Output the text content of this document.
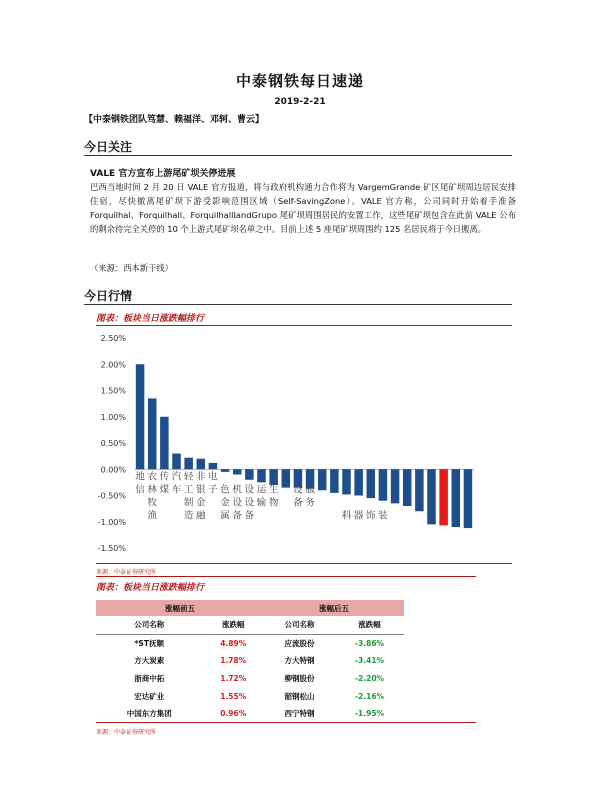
中泰钢铁每日速递
2019-2-21
【中泰钢铁团队笃慧、赖福洋、邓轲、曹云】
今日关注
VALE 官方宣布上游尾矿坝关停进展
巴西当地时间 2 月 20 日 VALE 官方报道，将与政府机构通力合作将为 VargemGrande 矿区尾矿坝周边居民安排住宿，尽快撤离尾矿坝下游受影响范围区域（Self-SavingZone）。VALE 官方称，公司同时开始着手准备 Forquilhal、Forquilhall、ForquilhallIandGrupo 尾矿坝周围居民的安置工作，这些尾矿坝包含在此前 VALE 公布的剩余待完全关停的 10 个上游式尾矿坝名单之中。目前上述 5 座尾矿坝周围约 125 名居民将于今日搬离。
（来源：西本新干线）
今日行情
图表：板块当日涨跌幅排行
-1.50%
-1.00%
-0.50%
0.00%
0.50%
1.00%
1.50%
2.00%
2.50%
地 农 传 汽 轻 非 电
信 林 煤 车 工 银 子 色 机 设 运 生 设 服
牧	制 金 金 设 设 输 物 备 务
渔	造 融 属 备 备	料 器 饰 装
来源：中泰证券研究所
图表：板块当日涨跌幅排行
涨幅前五		涨幅后五	
公司名称	涨跌幅	公司名称	涨跌幅
*ST抚顺	4.89%	应流股份	-3.86%
方大炭素	1.78%	方大特钢	-3.41%
浙商中拓	1.72%	柳钢股份	-2.20%
宏达矿业	1.55%	韶钢松山	-2.16%
中国东方集团	0.96%	西宁特钢	-1.95%
来源：中泰证券研究所
